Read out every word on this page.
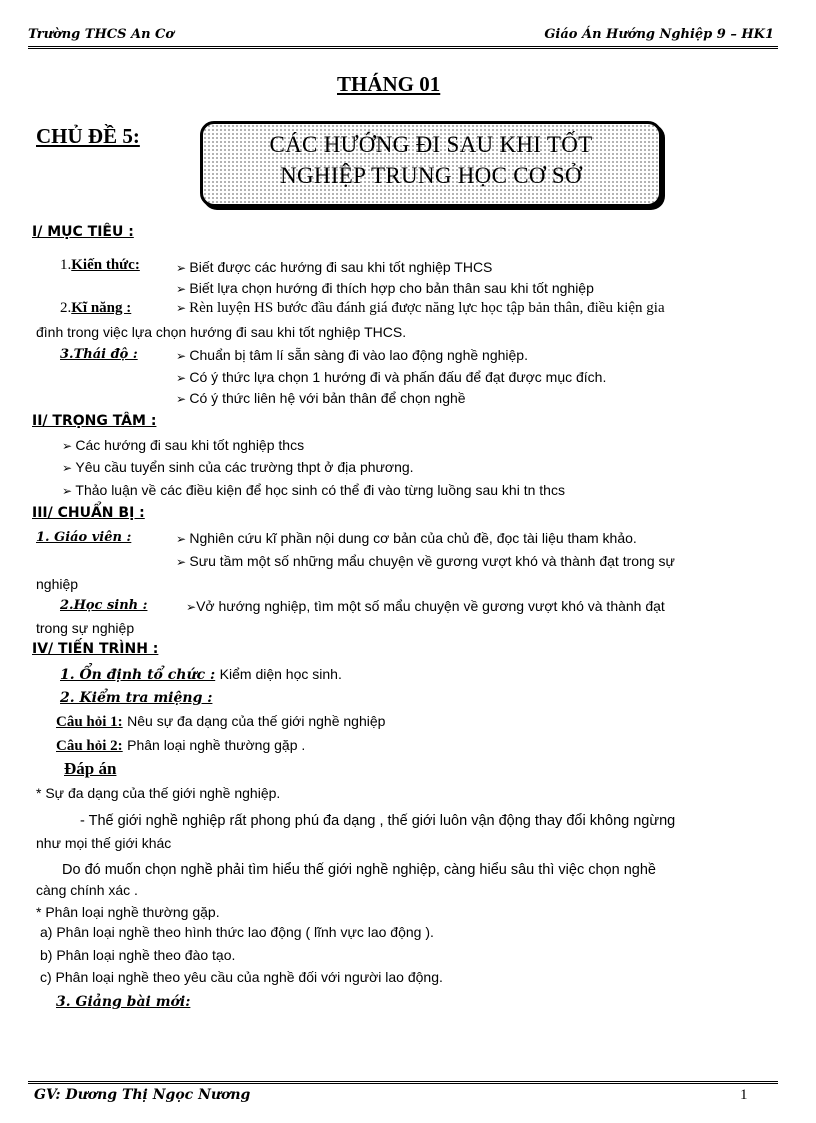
Trường THCS An Cơ	Giáo Án Hướng Nghiệp 9 – HK1
THÁNG 01
CHỦ ĐỀ 5:	CÁC HƯỚNG ĐI SAU KHI TỐT
NGHIỆP TRUNG HỌC CƠ SỞ
I/ MỤC TIÊU :
1.Kiến thức:	➢ Biết được các hướng đi sau khi tốt nghiệp THCS
➢ Biết lựa chọn hướng đi thích hợp cho bản thân sau khi tốt nghiệp
2.Kĩ năng :	➢ Rèn luyện HS bước đầu đánh giá được năng lực học tập bản thân, điều kiện gia
đình trong việc lựa chọn hướng đi sau khi tốt nghiệp THCS.
3.Thái độ :	➢ Chuẩn bị tâm lí sẵn sàng đi vào lao động nghề nghiệp.
➢ Có ý thức lựa chọn 1 hướng đi và phấn đấu để đạt được mục đích.
➢ Có ý thức liên hệ với bản thân để chọn nghề
II/ TRỌNG TÂM :
➢ Các hướng đi sau khi tốt nghiệp thcs
➢ Yêu cầu tuyển sinh của các trường thpt ở địa phương.
➢ Thảo luận về các điều kiện để học sinh có thể đi vào từng luồng sau khi tn thcs
III/ CHUẨN BỊ :
1. Giáo viên :	➢ Nghiên cứu kĩ phần nội dung cơ bản của chủ đề, đọc tài liệu tham khảo.
➢ Sưu tầm một số những mẩu chuyện về gương vượt khó và thành đạt trong sự
nghiệp
2.Học sinh :	➢Vở hướng nghiệp, tìm một số mẩu chuyện về gương vượt khó và thành đạt
trong sự nghiệp
IV/ TIẾN TRÌNH :
1. Ổn định tổ chức : Kiểm diện học sinh.
2. Kiểm tra miệng :
Câu hỏi 1: Nêu sự đa dạng của thế giới nghề nghiệp
Câu hỏi 2: Phân loại nghề thường gặp .
Đáp án
* Sự đa dạng của thế giới nghề nghiệp.
- Thế giới nghề nghiệp rất phong phú đa dạng , thế giới luôn vận động thay đổi không ngừng
như mọi thế giới khác
Do đó muốn chọn nghề phải tìm hiểu thế giới nghề nghiệp, càng hiểu sâu thì việc chọn nghề
càng chính xác .
* Phân loại nghề thường gặp.
a) Phân loại nghề theo hình thức lao động ( lĩnh vực lao động ).
b) Phân loại nghề theo đào tạo.
c) Phân loại nghề theo yêu cầu của nghề đối với người lao động.
3. Giảng bài mới:
GV: Dương Thị Ngọc Nương	1
